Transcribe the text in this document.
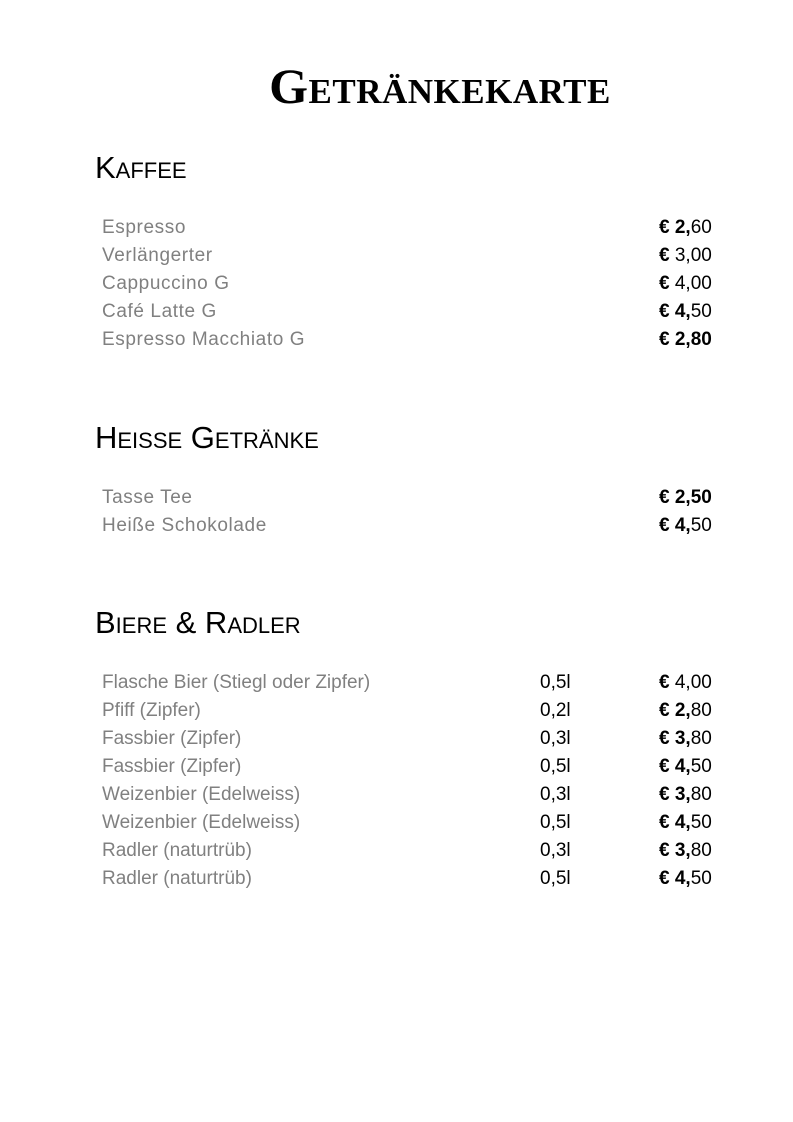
Getränkekarte
Kaffee
Espresso	€ 2,60
Verlängerter	€ 3,00
Cappuccino G	€ 4,00
Café Latte G	€ 4,50
Espresso Macchiato G	€ 2,80
Heiße Getränke
Tasse Tee	€ 2,50
Heiße Schokolade	€ 4,50
Biere & Radler
Flasche Bier (Stiegl oder Zipfer)	0,5l	€ 4,00
Pfiff (Zipfer)	0,2l	€ 2,80
Fassbier (Zipfer)	0,3l	€ 3,80
Fassbier (Zipfer)	0,5l	€ 4,50
Weizenbier (Edelweiss)	0,3l	€ 3,80
Weizenbier (Edelweiss)	0,5l	€ 4,50
Radler (naturtrüb)	0,3l	€ 3,80
Radler (naturtrüb)	0,5l	€ 4,50
